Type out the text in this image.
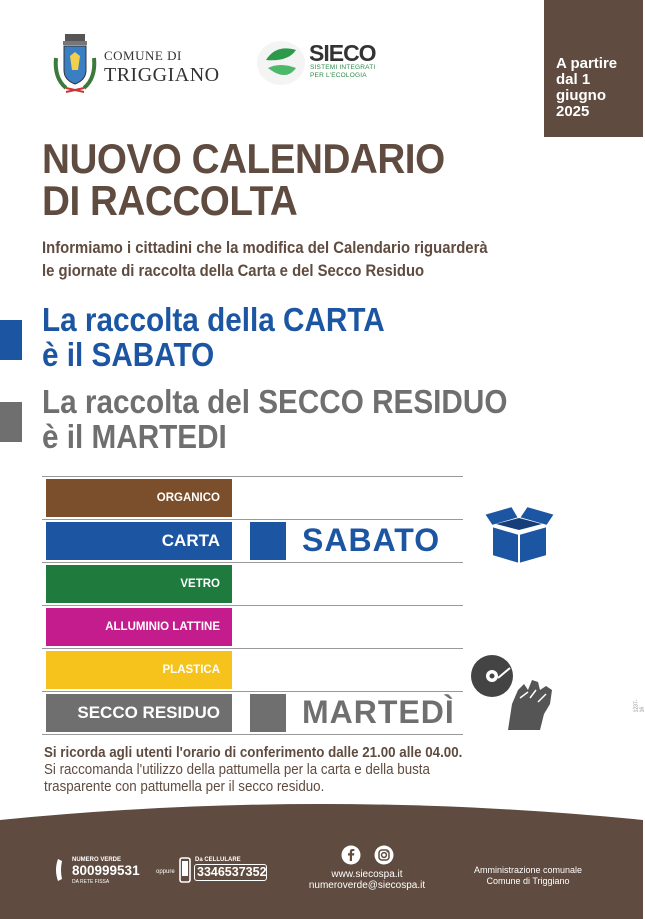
A partire
dal 1
giugno
2025
COMUNE DI
TRIGGIANO
SIECO
SISTEMI INTEGRATI
PER L'ECOLOGIA
NUOVO CALENDARIO
DI RACCOLTA
Informiamo i cittadini che la modifica del Calendario riguarderà
le giornate di raccolta della Carta e del Secco Residuo
La raccolta della CARTA
è il SABATO
La raccolta del SECCO RESIDUO
è il MARTEDI
ORGANICO
CARTA
VETRO
ALLUMINIO LATTINE
PLASTICA
SECCO RESIDUO
SABATO
MARTEDÌ
Si ricorda agli utenti l'orario di conferimento dalle 21.00 alle 04.00.
Si raccomanda l'utilizzo della pattumella per la carta e della busta
trasparente con pattumella per il secco residuo.
NUMERO VERDE
800999531
DA RETE FISSA
oppure
Da CELLULARE
3346537352	www.siecospa.it
numeroverde@siecospa.it
Amministrazione comunale
Comune di Triggiano
1237-16
